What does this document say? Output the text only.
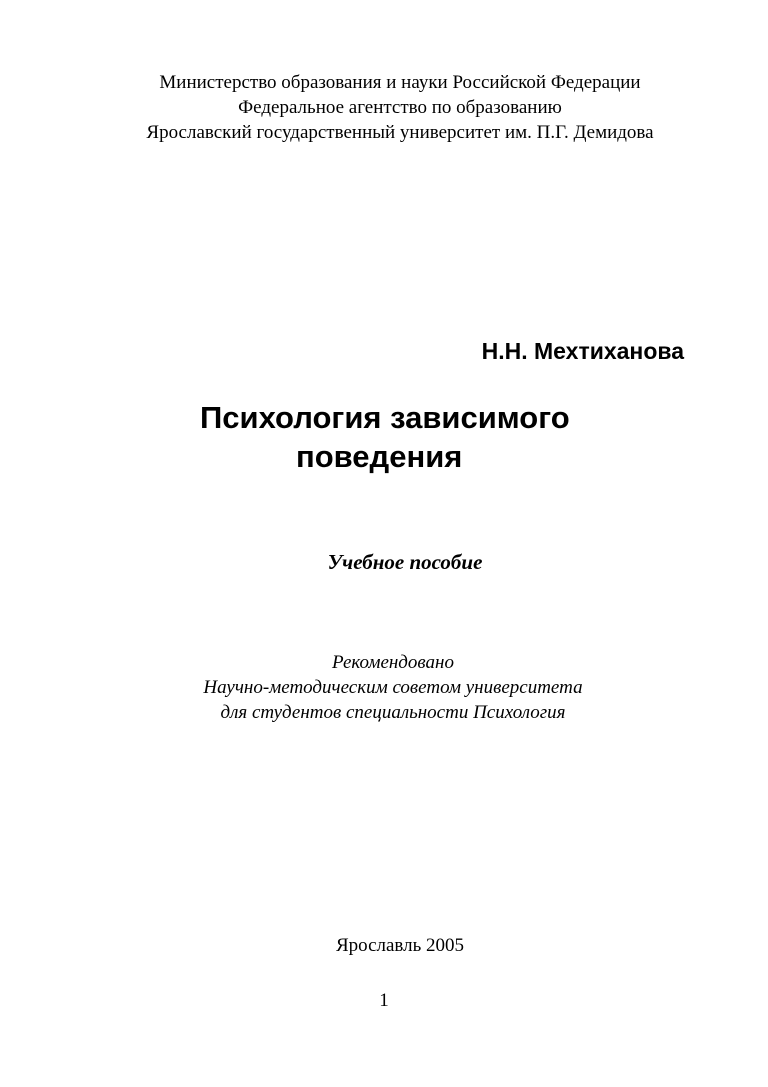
Министерство образования и науки Российской Федерации
Федеральное агентство по образованию
Ярославский государственный университет им. П.Г. Демидова
Н.Н. Мехтиханова
Психология зависимого
поведения
Учебное пособие
Рекомендовано
Научно-методическим советом университета
для студентов специальности Психология
Ярославль 2005
1
